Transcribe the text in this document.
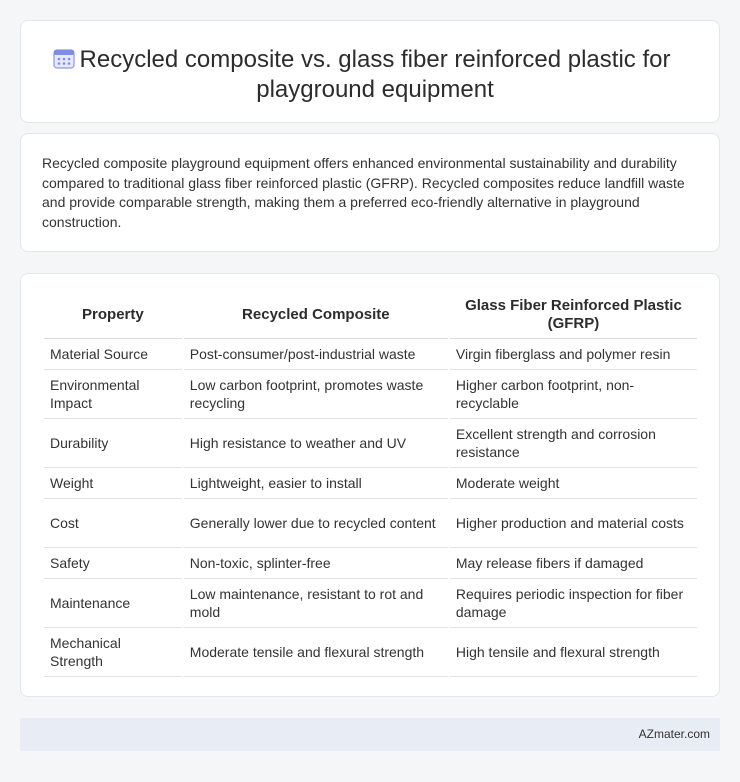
Recycled composite vs. glass fiber reinforced plastic for playground equipment

Recycled composite playground equipment offers enhanced environmental sustainability and durability compared to traditional glass fiber reinforced plastic (GFRP). Recycled composites reduce landfill waste and provide comparable strength, making them a preferred eco-friendly alternative in playground construction.

Property	Recycled Composite	Glass Fiber Reinforced Plastic (GFRP)
Material Source	Post-consumer/post-industrial waste	Virgin fiberglass and polymer resin
Environmental Impact	Low carbon footprint, promotes waste recycling	Higher carbon footprint, non-recyclable
Durability	High resistance to weather and UV	Excellent strength and corrosion resistance
Weight	Lightweight, easier to install	Moderate weight
Cost	Generally lower due to recycled content	Higher production and material costs
Safety	Non-toxic, splinter-free	May release fibers if damaged
Maintenance	Low maintenance, resistant to rot and mold	Requires periodic inspection for fiber damage
Mechanical Strength	Moderate tensile and flexural strength	High tensile and flexural strength
AZmater.com
